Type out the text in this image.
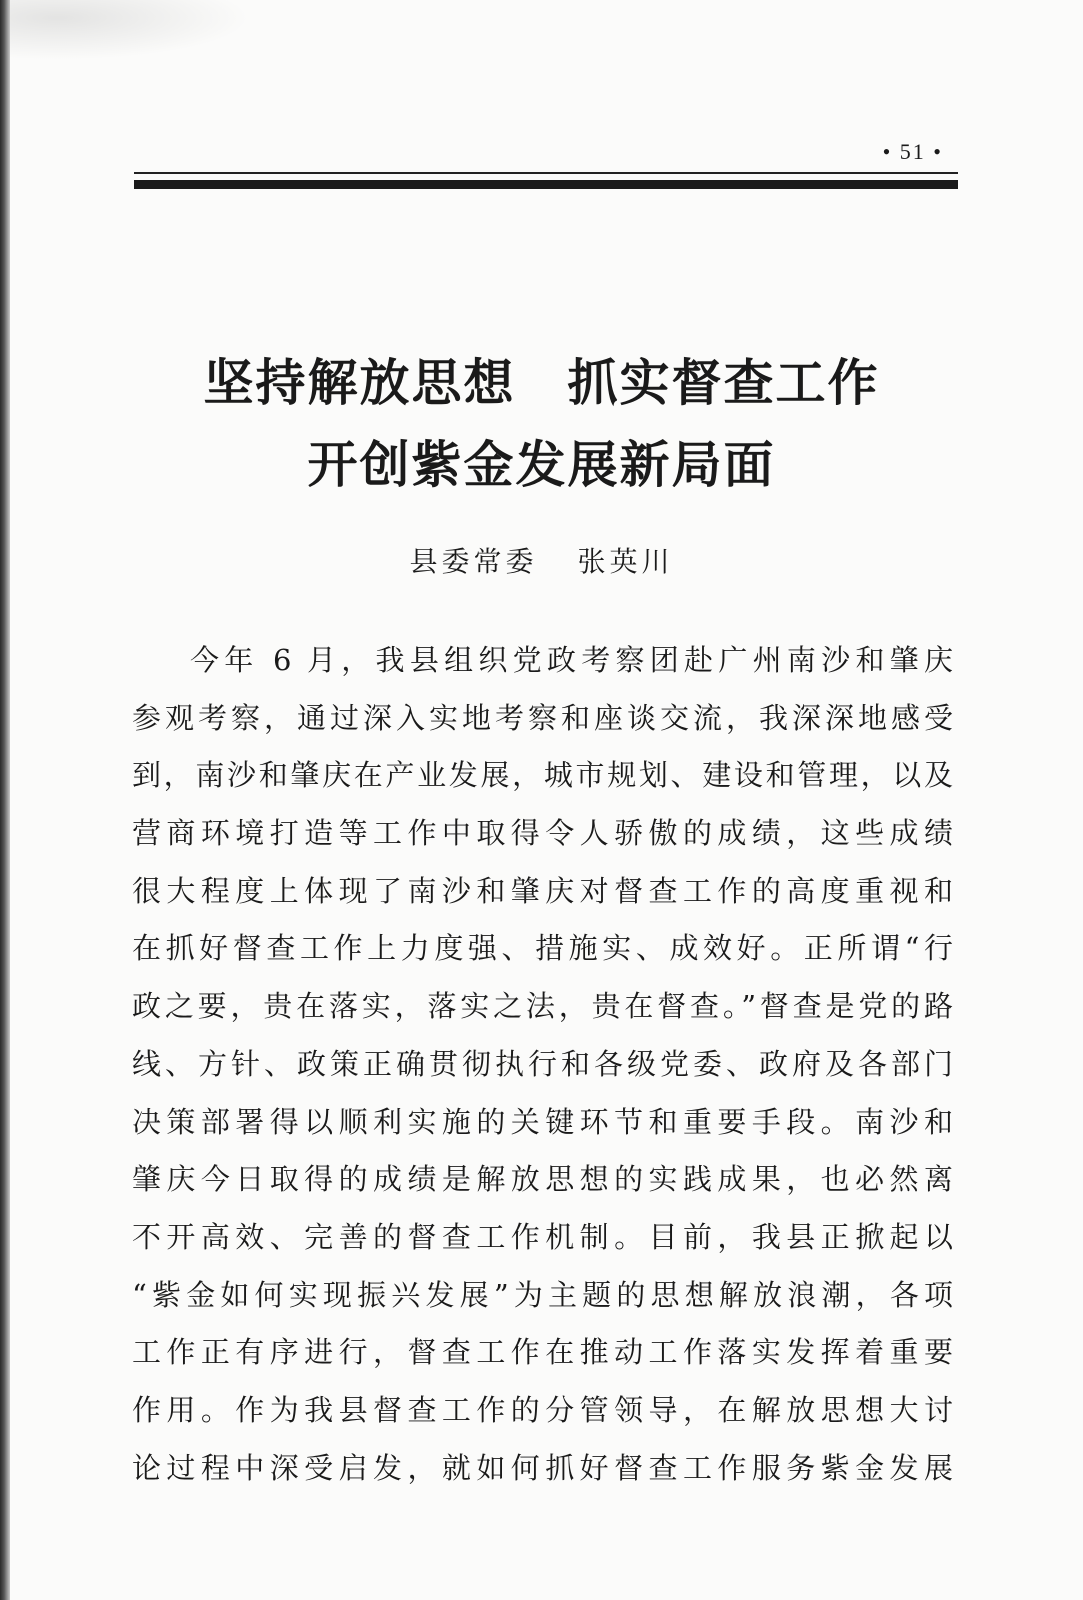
• 51 •
坚持解放思想　抓实督查工作
开创紫金发展新局面
县委常委 张英川
今年 6 月，我县组织党政考察团赴广州南沙和肇庆
参观考察，通过深入实地考察和座谈交流，我深深地感受
到，南沙和肇庆在产业发展，城市规划、建设和管理，以及
营商环境打造等工作中取得令人骄傲的成绩，这些成绩
很大程度上体现了南沙和肇庆对督查工作的高度重视和
在抓好督查工作上力度强、措施实、成效好。正所谓“行
政之要，贵在落实，落实之法，贵在督查。”督查是党的路
线、方针、政策正确贯彻执行和各级党委、政府及各部门
决策部署得以顺利实施的关键环节和重要手段。南沙和
肇庆今日取得的成绩是解放思想的实践成果，也必然离
不开高效、完善的督查工作机制。目前，我县正掀起以
“紫金如何实现振兴发展”为主题的思想解放浪潮，各项
工作正有序进行，督查工作在推动工作落实发挥着重要
作用。作为我县督查工作的分管领导，在解放思想大讨
论过程中深受启发，就如何抓好督查工作服务紫金发展
